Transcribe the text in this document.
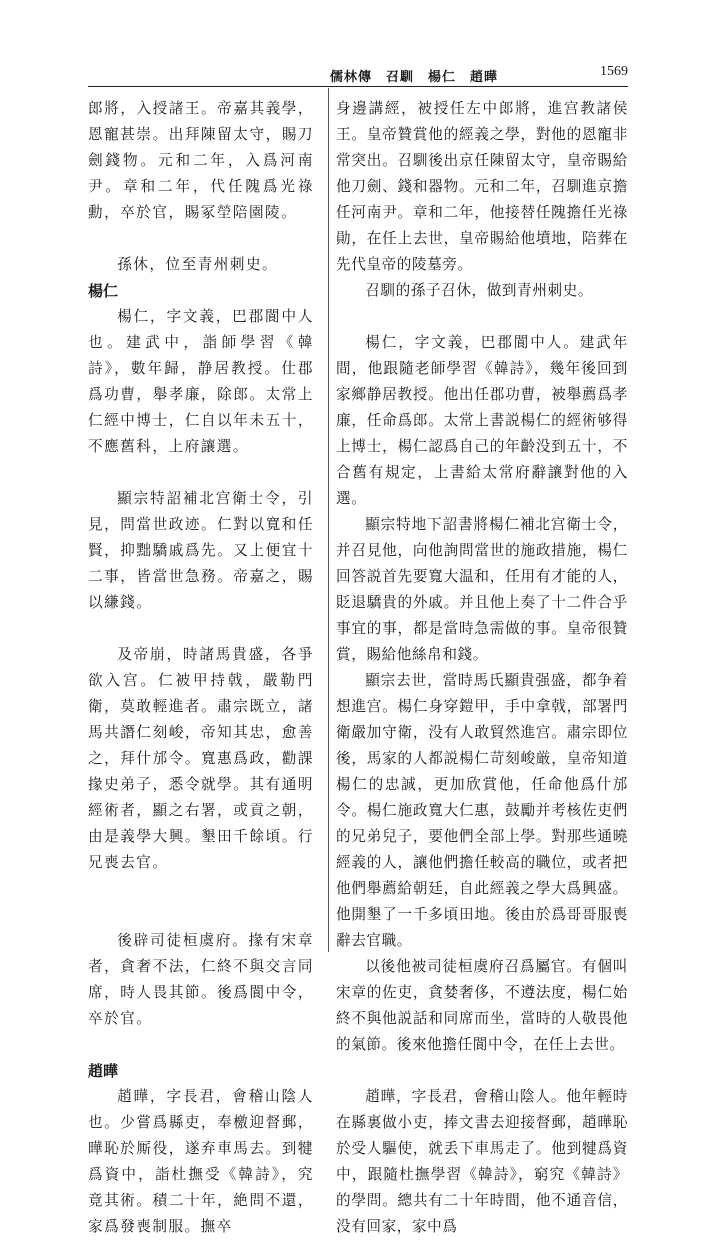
儒林傳　召馴　楊仁　趙曄	1569

郎將，入授諸王。帝嘉其義學，恩寵甚崇。出拜陳留太守，賜刀劍錢物。元和二年，入爲河南尹。章和二年，代任隗爲光祿勳，卒於官，賜冢塋陪園陵。

孫休，位至青州刺史。

楊仁

楊仁，字文義，巴郡閬中人也。建武中，詣師學習《韓詩》，數年歸，静居教授。仕郡爲功曹，舉孝廉，除郎。太常上仁經中博士，仁自以年未五十，不應舊科，上府讓選。

顯宗特詔補北宫衛士令，引見，問當世政迹。仁對以寬和任賢，抑黜驕戚爲先。又上便宜十二事，皆當世急務。帝嘉之，賜以縑錢。

及帝崩，時諸馬貴盛，各爭欲入宫。仁被甲持戟，嚴勒門衛，莫敢輕進者。肅宗既立，諸馬共譖仁刻峻，帝知其忠，愈善之，拜什邡令。寬惠爲政，勸課掾史弟子，悉令就學。其有通明經術者，顯之右署，或貢之朝，由是義學大興。墾田千餘頃。行兄喪去官。

後辟司徒桓虞府。掾有宋章者，貪奢不法，仁終不與交言同席，時人畏其節。後爲閬中令，卒於官。

趙曄

趙曄，字長君，會稽山陰人也。少嘗爲縣吏，奉檄迎督郵，曄恥於厮役，遂弃車馬去。到犍爲資中，詣杜撫受《韓詩》，究竟其術。積二十年，絶問不還，家爲發喪制服。撫卒

身邊講經，被授任左中郎將，進宫教諸侯王。皇帝贊賞他的經義之學，對他的恩寵非常突出。召馴後出京任陳留太守，皇帝賜給他刀劍、錢和器物。元和二年，召馴進京擔任河南尹。章和二年，他接替任隗擔任光祿勛，在任上去世，皇帝賜給他墳地，陪葬在先代皇帝的陵墓旁。

召馴的孫子召休，做到青州刺史。

楊仁，字文義，巴郡閬中人。建武年間，他跟隨老師學習《韓詩》，幾年後回到家鄉静居教授。他出任郡功曹，被舉薦爲孝廉，任命爲郎。太常上書説楊仁的經術够得上博士，楊仁認爲自己的年齡没到五十，不合舊有規定，上書給太常府辭讓對他的入選。

顯宗特地下詔書將楊仁補北宫衛士令，并召見他，向他詢問當世的施政措施，楊仁回答説首先要寬大温和，任用有才能的人，貶退驕貴的外戚。并且他上奏了十二件合乎事宜的事，都是當時急需做的事。皇帝很贊賞，賜給他絲帛和錢。

顯宗去世，當時馬氏顯貴强盛，都争着想進宫。楊仁身穿鎧甲，手中拿戟，部署門衛嚴加守衛，没有人敢貿然進宫。肅宗即位後，馬家的人都説楊仁苛刻峻厳，皇帝知道楊仁的忠誠，更加欣賞他，任命他爲什邡令。楊仁施政寬大仁惠，鼓勵并考核佐吏們的兄弟兒子，要他們全部上學。對那些通曉經義的人，讓他們擔任較高的職位，或者把他們舉薦給朝廷，自此經義之學大爲興盛。他開墾了一千多頃田地。後由於爲哥哥服喪辭去官職。

以後他被司徒桓虞府召爲屬官。有個叫宋章的佐吏，貪婪奢侈，不遵法度，楊仁始終不與他説話和同席而坐，當時的人敬畏他的氣節。後來他擔任閬中令，在任上去世。

趙曄，字長君，會稽山陰人。他年輕時在縣裏做小吏，捧文書去迎接督郵，趙曄恥於受人驅使，就丢下車馬走了。他到犍爲資中，跟隨杜撫學習《韓詩》，窮究《韓詩》的學問。總共有二十年時間，他不通音信，没有回家，家中爲
